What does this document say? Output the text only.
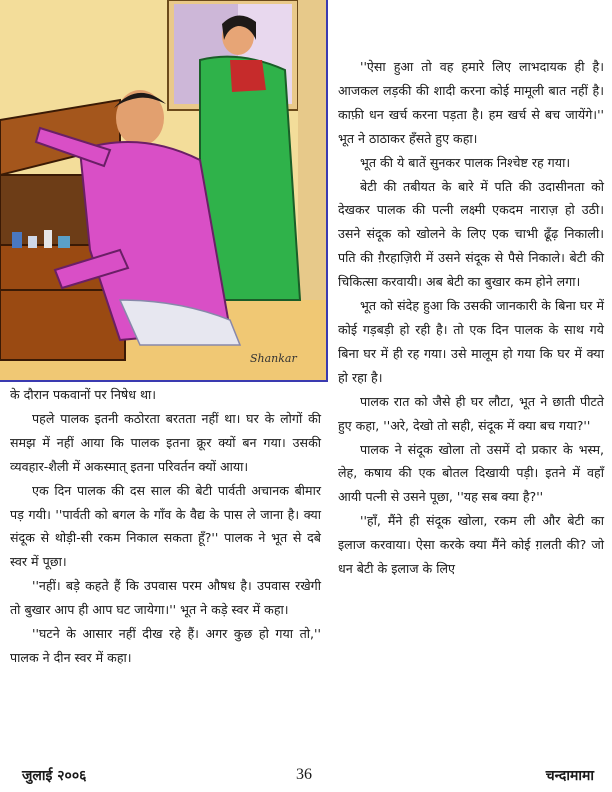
Shankar

के दौरान पकवानों पर निषेध था।

पहले पालक इतनी कठोरता बरतता नहीं था। घर के लोगों की समझ में नहीं आया कि पालक इतना क्रूर क्यों बन गया। उसकी व्यवहार-शैली में अकस्मात् इतना परिवर्तन क्यों आया।

एक दिन पालक की दस साल की बेटी पार्वती अचानक बीमार पड़ गयी। ''पार्वती को बगल के गाँव के वैद्य के पास ले जाना है। क्या संदूक से थोड़ी-सी रकम निकाल सकता हूँ?'' पालक ने भूत से दबे स्वर में पूछा।

''नहीं। बड़े कहते हैं कि उपवास परम औषध है। उपवास रखेगी तो बुखार आप ही आप घट जायेगा।'' भूत ने कड़े स्वर में कहा।

''घटने के आसार नहीं दीख रहे हैं। अगर कुछ हो गया तो,'' पालक ने दीन स्वर में कहा।

''ऐसा हुआ तो वह हमारे लिए लाभदायक ही है। आजकल लड़की की शादी करना कोई मामूली बात नहीं है। काफ़ी धन खर्च करना पड़ता है। हम खर्च से बच जायेंगे।'' भूत ने ठाठाकर हँसते हुए कहा।

भूत की ये बातें सुनकर पालक निश्चेष्ट रह गया।

बेटी की तबीयत के बारे में पति की उदासीनता को देखकर पालक की पत्नी लक्ष्मी एकदम नाराज़ हो उठी। उसने संदूक को खोलने के लिए एक चाभी ढूँढ़ निकाली। पति की ग़ैरहाज़िरी में उसने संदूक से पैसे निकाले। बेटी की चिकित्सा करवायी। अब बेटी का बुखार कम होने लगा।

भूत को संदेह हुआ कि उसकी जानकारी के बिना घर में कोई गड़बड़ी हो रही है। तो एक दिन पालक के साथ गये बिना घर में ही रह गया। उसे मालूम हो गया कि घर में क्या हो रहा है।

पालक रात को जैसे ही घर लौटा, भूत ने छाती पीटते हुए कहा, ''अरे, देखो तो सही, संदूक में क्या बच गया?''

पालक ने संदूक खोला तो उसमें दो प्रकार के भस्म, लेह, कषाय की एक बोतल दिखायी पड़ी। इतने में वहाँ आयी पत्नी से उसने पूछा, ''यह सब क्या है?''

''हाँ, मैंने ही संदूक खोला, रकम ली और बेटी का इलाज करवाया। ऐसा करके क्या मैंने कोई ग़लती की? जो धन बेटी के इलाज के लिए

जुलाई २००६	36	चन्दामामा
